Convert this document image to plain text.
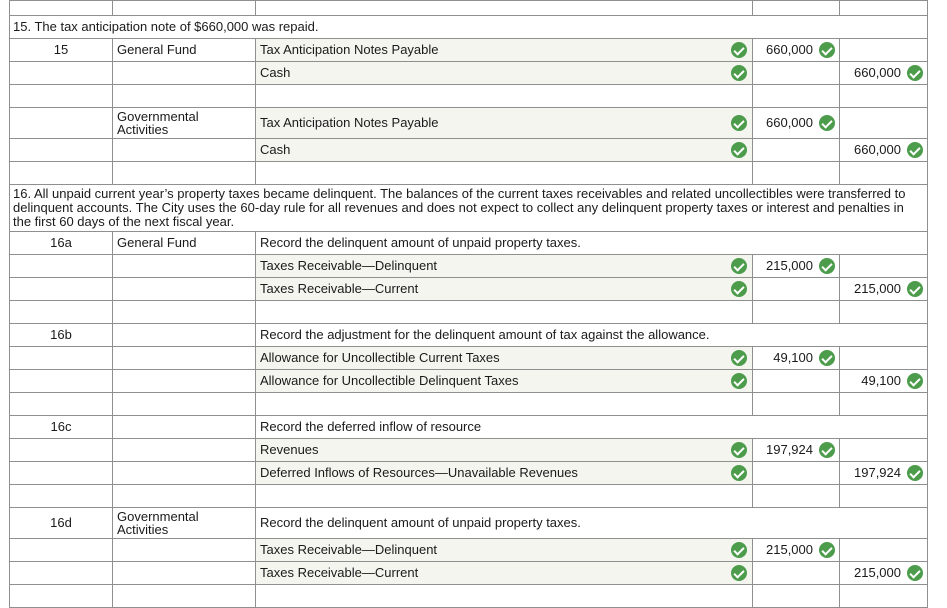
15. The tax anticipation note of $660,000 was repaid.				
15	General Fund	Tax Anticipation Notes Payable	660,000

		Cash		660,000

	Governmental Activities	Tax Anticipation Notes Payable	660,000

		Cash		660,000

16. All unpaid current year’s property taxes became delinquent. The balances of the current taxes receivables and related uncollectibles were transferred to delinquent accounts. The City uses the 60-day rule for all revenues and does not expect to collect any delinquent property taxes or interest and penalties in the first 60 days of the next fiscal year.				
16a	General Fund	Record the delinquent amount of unpaid property taxes.		
		Taxes Receivable—Delinquent	215,000

		Taxes Receivable—Current		215,000

16b		Record the adjustment for the delinquent amount of tax against the allowance.		
		Allowance for Uncollectible Current Taxes	49,100

		Allowance for Uncollectible Delinquent Taxes		49,100

16c		Record the deferred inflow of resource		
		Revenues	197,924

		Deferred Inflows of Resources—Unavailable Revenues		197,924

16d	Governmental Activities	Record the delinquent amount of unpaid property taxes.		
		Taxes Receivable—Delinquent	215,000

		Taxes Receivable—Current		215,000
